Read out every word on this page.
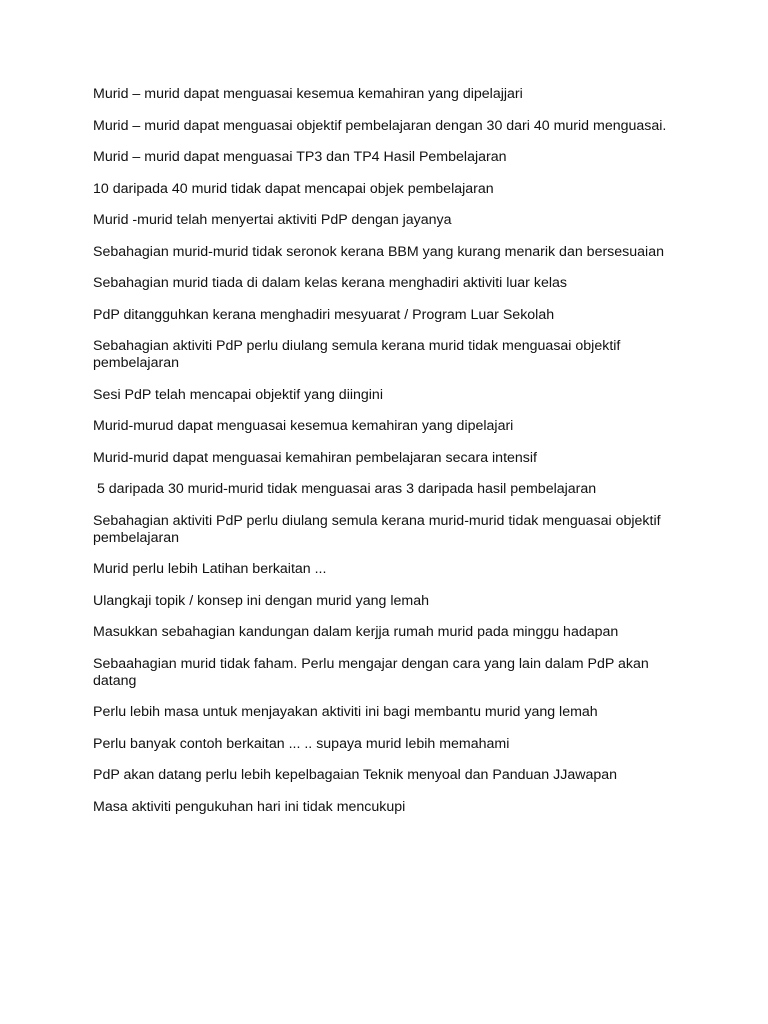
Murid – murid dapat menguasai kesemua kemahiran yang dipelajjari

Murid – murid dapat menguasai objektif pembelajaran dengan 30 dari 40 murid menguasai.

Murid – murid dapat menguasai TP3 dan TP4 Hasil Pembelajaran

10 daripada 40 murid tidak dapat mencapai objek pembelajaran

Murid -murid telah menyertai aktiviti PdP dengan jayanya

Sebahagian murid-murid tidak seronok kerana BBM yang kurang menarik dan bersesuaian

Sebahagian murid tiada di dalam kelas kerana menghadiri aktiviti luar kelas

PdP ditangguhkan kerana menghadiri mesyuarat / Program Luar Sekolah

Sebahagian aktiviti PdP perlu diulang semula kerana murid tidak menguasai objektif pembelajaran

Sesi PdP telah mencapai objektif yang diingini

Murid-murud dapat menguasai kesemua kemahiran yang dipelajari

Murid-murid dapat menguasai kemahiran pembelajaran secara intensif

5 daripada 30 murid-murid tidak menguasai aras 3 daripada hasil pembelajaran

Sebahagian aktiviti PdP perlu diulang semula kerana murid-murid tidak menguasai objektif pembelajaran

Murid perlu lebih Latihan berkaitan ...

Ulangkaji topik / konsep ini dengan murid yang lemah

Masukkan sebahagian kandungan dalam kerjja rumah murid pada minggu hadapan

Sebaahagian murid tidak faham. Perlu mengajar dengan cara yang lain dalam PdP akan datang

Perlu lebih masa untuk menjayakan aktiviti ini bagi membantu murid yang lemah

Perlu banyak contoh berkaitan ... .. supaya murid lebih memahami

PdP akan datang perlu lebih kepelbagaian Teknik menyoal dan Panduan JJawapan

Masa aktiviti pengukuhan hari ini tidak mencukupi
